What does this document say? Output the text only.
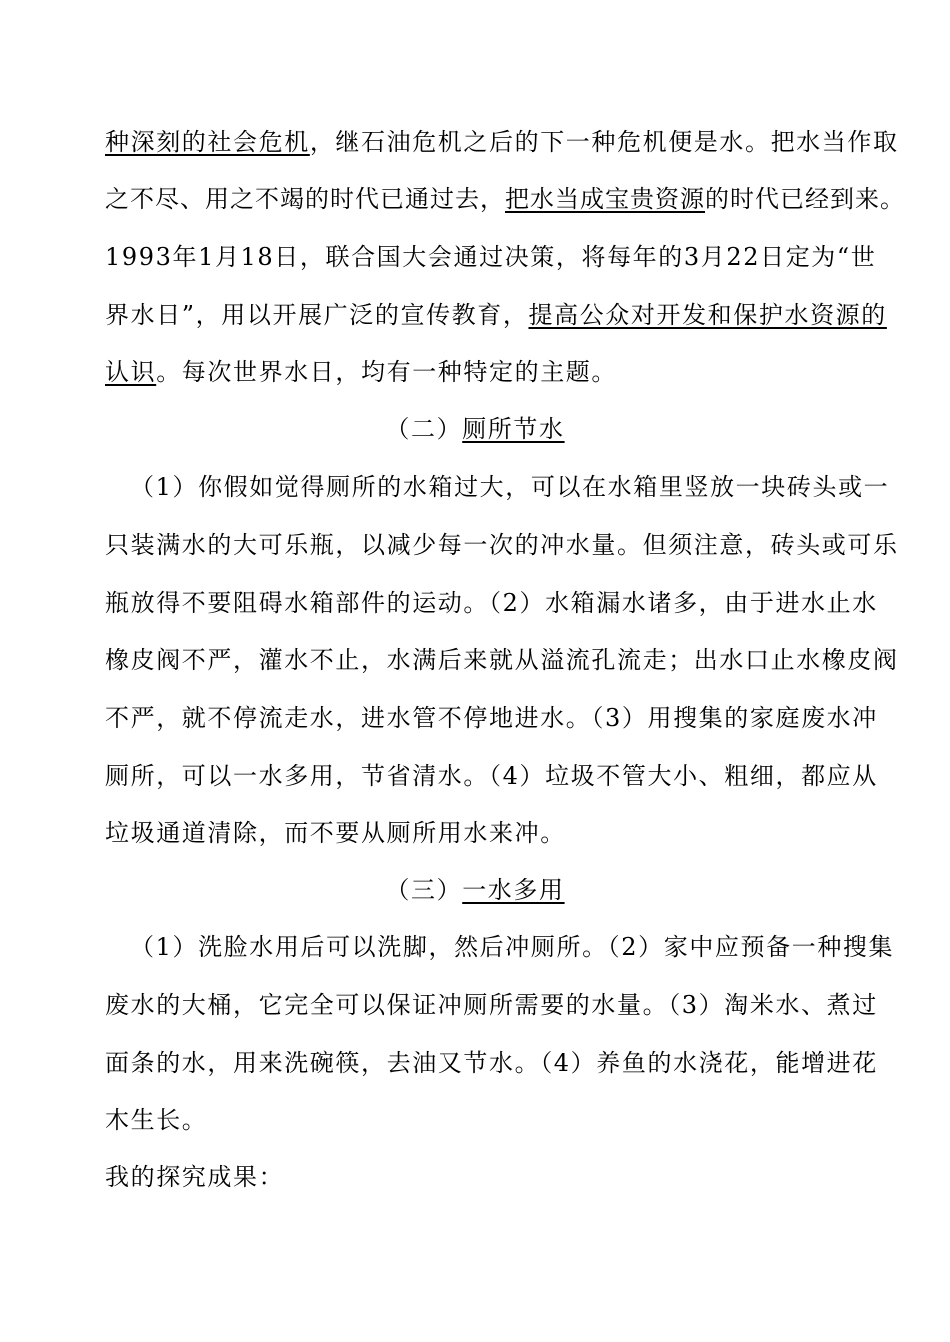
种深刻的社会危机，继石油危机之后的下一种危机便是水。把水当作取
之不尽、用之不竭的时代已通过去，把水当成宝贵资源的时代已经到来。
1993年1月18日，联合国大会通过决策，将每年的3月22日定为“世
界水日”，用以开展广泛的宣传教育，提高公众对开发和保护水资源的
认识。每次世界水日，均有一种特定的主题。
（二）厕所节水
（1）你假如觉得厕所的水箱过大，可以在水箱里竖放一块砖头或一
只装满水的大可乐瓶，以减少每一次的冲水量。但须注意，砖头或可乐
瓶放得不要阻碍水箱部件的运动。（2）水箱漏水诸多，由于进水止水
橡皮阀不严，灌水不止，水满后来就从溢流孔流走；出水口止水橡皮阀
不严，就不停流走水，进水管不停地进水。（3）用搜集的家庭废水冲
厕所，可以一水多用，节省清水。（4）垃圾不管大小、粗细，都应从
垃圾通道清除，而不要从厕所用水来冲。
（三）一水多用
（1）洗脸水用后可以洗脚，然后冲厕所。（2）家中应预备一种搜集
废水的大桶，它完全可以保证冲厕所需要的水量。（3）淘米水、煮过
面条的水，用来洗碗筷，去油又节水。（4）养鱼的水浇花，能增进花
木生长。
我的探究成果：
